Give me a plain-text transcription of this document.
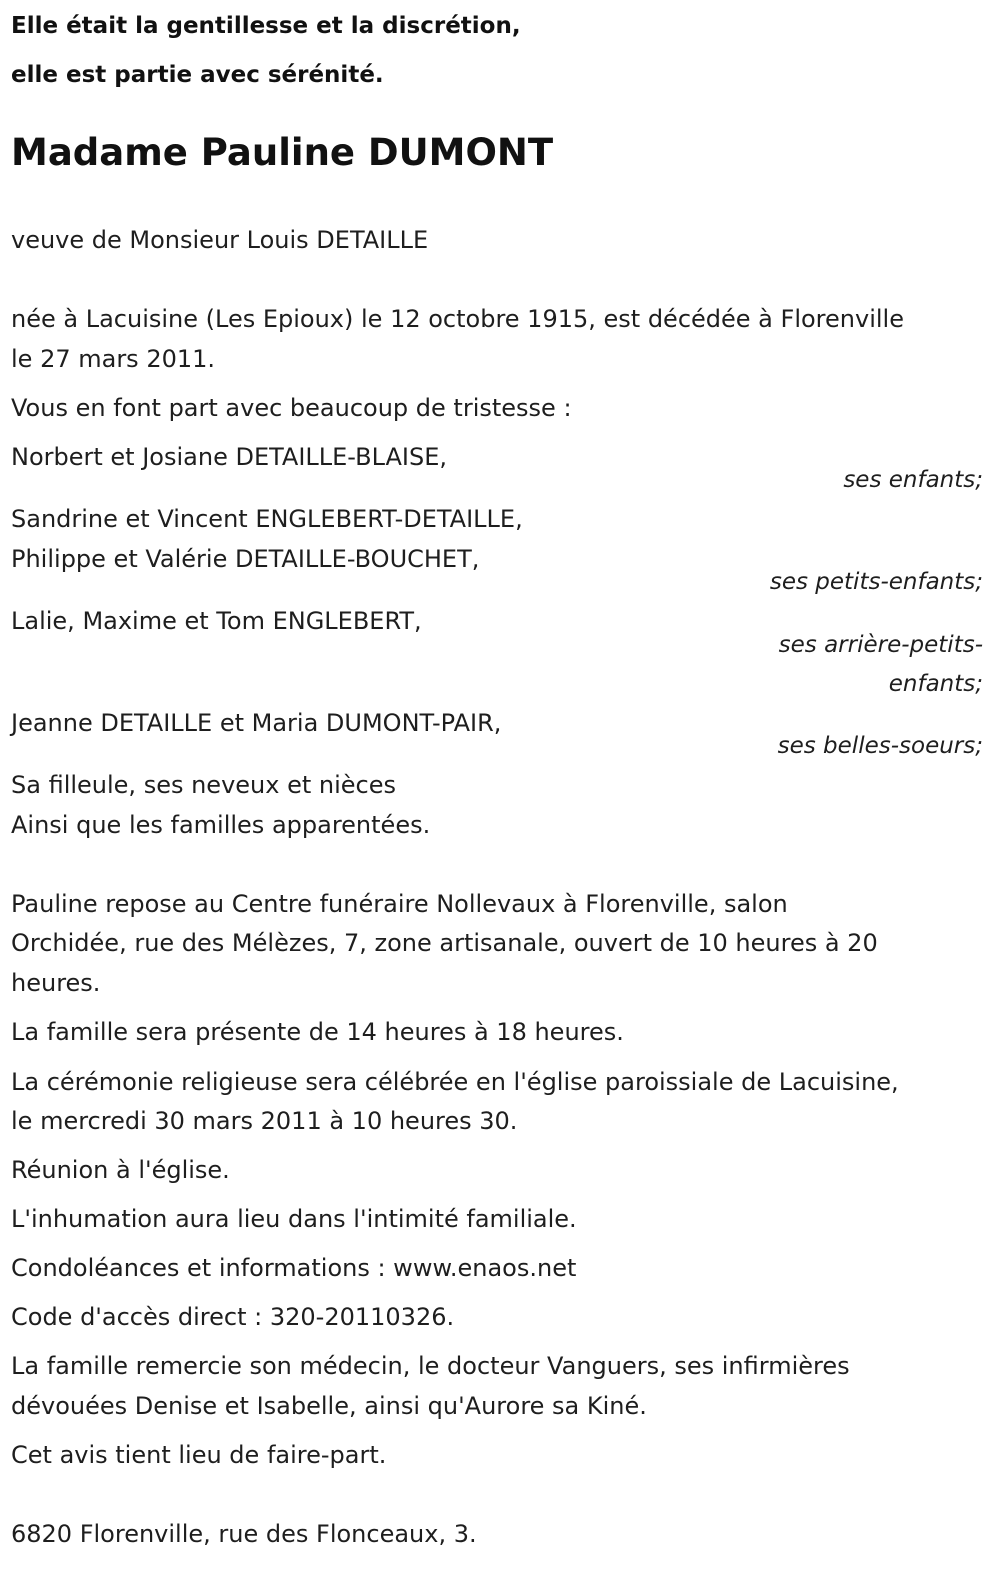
Elle était la gentillesse et la discrétion,
elle est partie avec sérénité.
Madame Pauline DUMONT
veuve de Monsieur Louis DETAILLE
née à Lacuisine (Les Epioux) le 12 octobre 1915, est décédée à Florenville
le 27 mars 2011.
Vous en font part avec beaucoup de tristesse :
Norbert et Josiane DETAILLE-BLAISE,
ses enfants;
Sandrine et Vincent ENGLEBERT-DETAILLE,
Philippe et Valérie DETAILLE-BOUCHET,
ses petits-enfants;
Lalie, Maxime et Tom ENGLEBERT,
ses arrière-petits-
enfants;
Jeanne DETAILLE et Maria DUMONT-PAIR,
ses belles-soeurs;
Sa filleule, ses neveux et nièces
Ainsi que les familles apparentées.
Pauline repose au Centre funéraire Nollevaux à Florenville, salon
Orchidée, rue des Mélèzes, 7, zone artisanale, ouvert de 10 heures à 20
heures.
La famille sera présente de 14 heures à 18 heures.
La cérémonie religieuse sera célébrée en l'église paroissiale de Lacuisine,
le mercredi 30 mars 2011 à 10 heures 30.
Réunion à l'église.
L'inhumation aura lieu dans l'intimité familiale.
Condoléances et informations : www.enaos.net
Code d'accès direct : 320-20110326.
La famille remercie son médecin, le docteur Vanguers, ses infirmières
dévouées Denise et Isabelle, ainsi qu'Aurore sa Kiné.
Cet avis tient lieu de faire-part.
6820 Florenville, rue des Flonceaux, 3.
